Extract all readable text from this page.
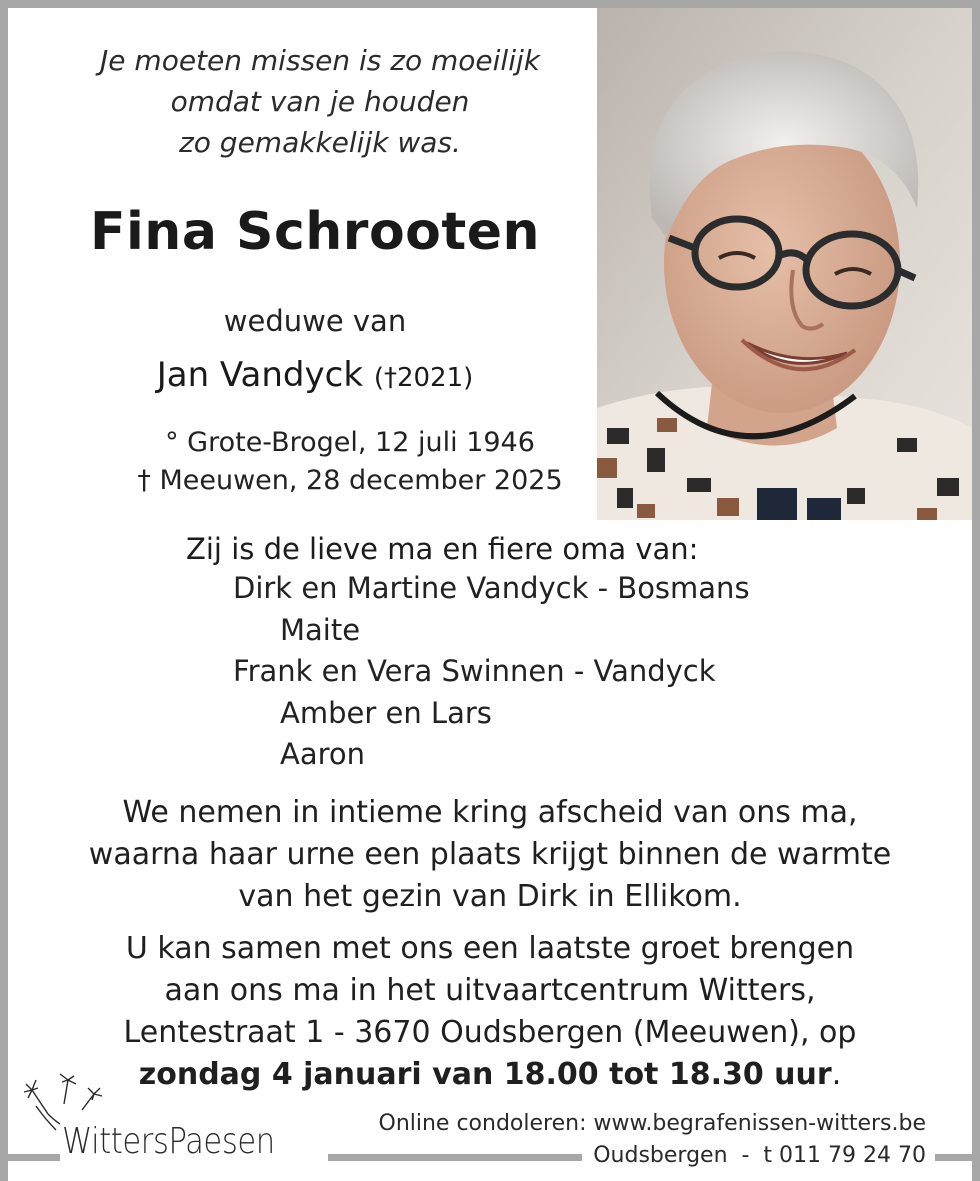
Je moeten missen is zo moeilijk
omdat van je houden
zo gemakkelijk was.
Fina Schrooten
weduwe van
Jan Vandyck (†2021)
° Grote-Brogel, 12 juli 1946
† Meeuwen, 28 december 2025
Zij is de lieve ma en fiere oma van:
Dirk en Martine Vandyck - Bosmans
Maite
Frank en Vera Swinnen - Vandyck
Amber en Lars
Aaron
We nemen in intieme kring afscheid van ons ma,
waarna haar urne een plaats krijgt binnen de warmte
van het gezin van Dirk in Ellikom.
U kan samen met ons een laatste groet brengen
aan ons ma in het uitvaartcentrum Witters,
Lentestraat 1 - 3670 Oudsbergen (Meeuwen), op
zondag 4 januari van 18.00 tot 18.30 uur.
WittersPaesen	Online condoleren: www.begrafenissen-witters.be
Oudsbergen  -  t 011 79 24 70
